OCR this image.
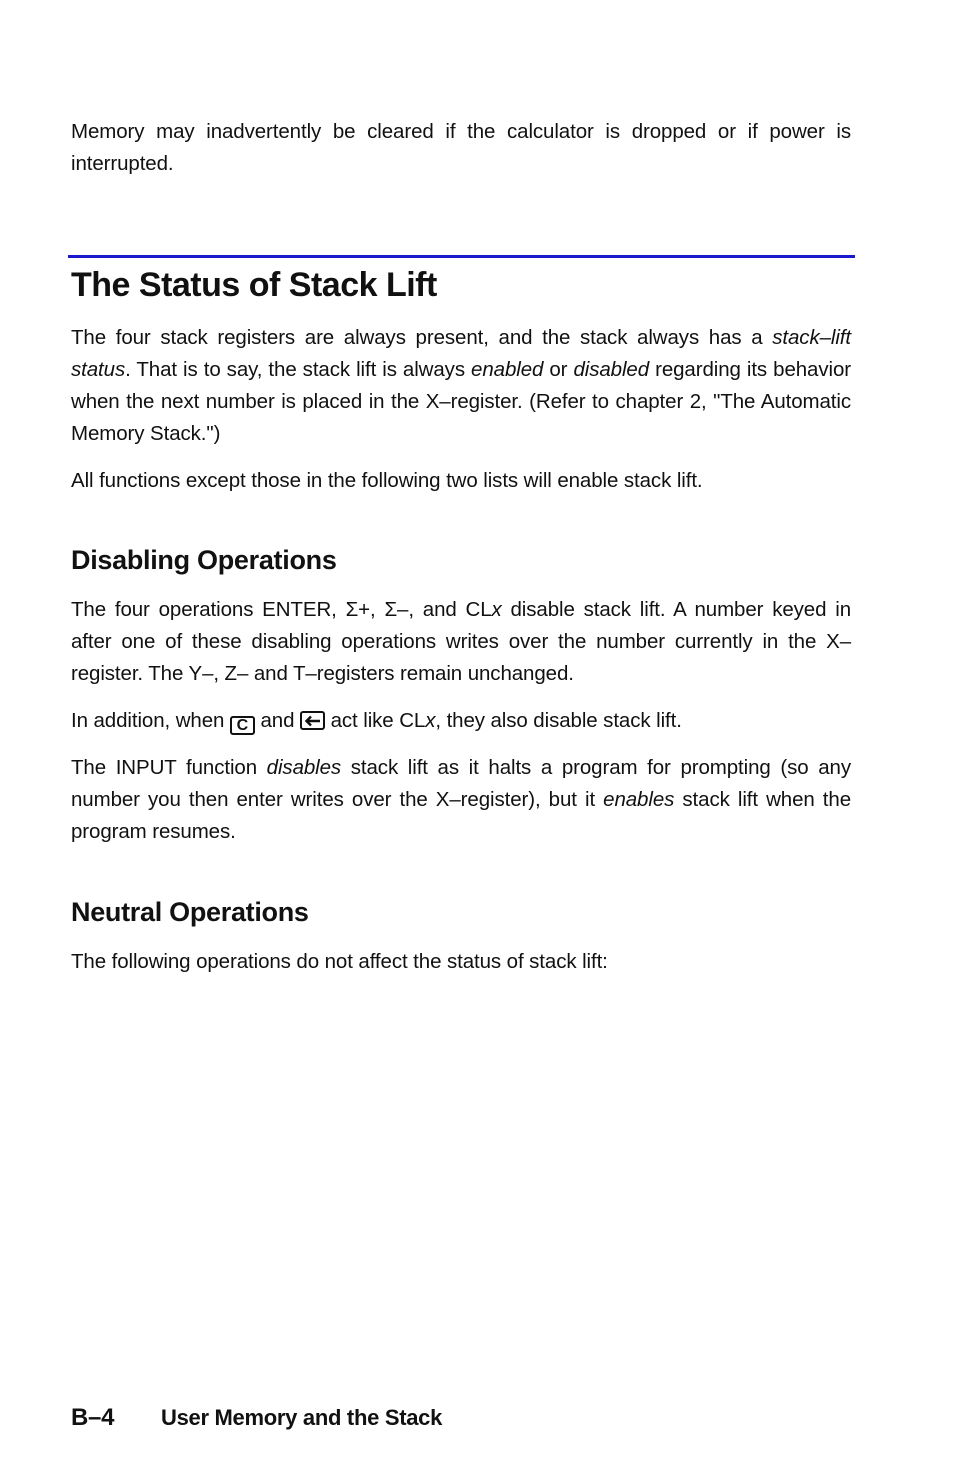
Memory may inadvertently be cleared if the calculator is dropped or if power is interrupted.

The Status of Stack Lift

The four stack registers are always present, and the stack always has a stack–lift status. That is to say, the stack lift is always enabled or disabled regarding its behavior when the next number is placed in the X–register. (Refer to chapter 2, "The Automatic Memory Stack.")

All functions except those in the following two lists will enable stack lift.

Disabling Operations

The four operations ENTER, Σ+, Σ–, and CLx disable stack lift. A number keyed in after one of these disabling operations writes over the number currently in the X–register. The Y–, Z– and T–registers remain unchanged.

In addition, when C and
act like CLx, they also disable stack lift.

The INPUT function disables stack lift as it halts a program for prompting (so any number you then enter writes over the X–register), but it enables stack lift when the program resumes.

Neutral Operations

The following operations do not affect the status of stack lift:

B–4 User Memory and the Stack
